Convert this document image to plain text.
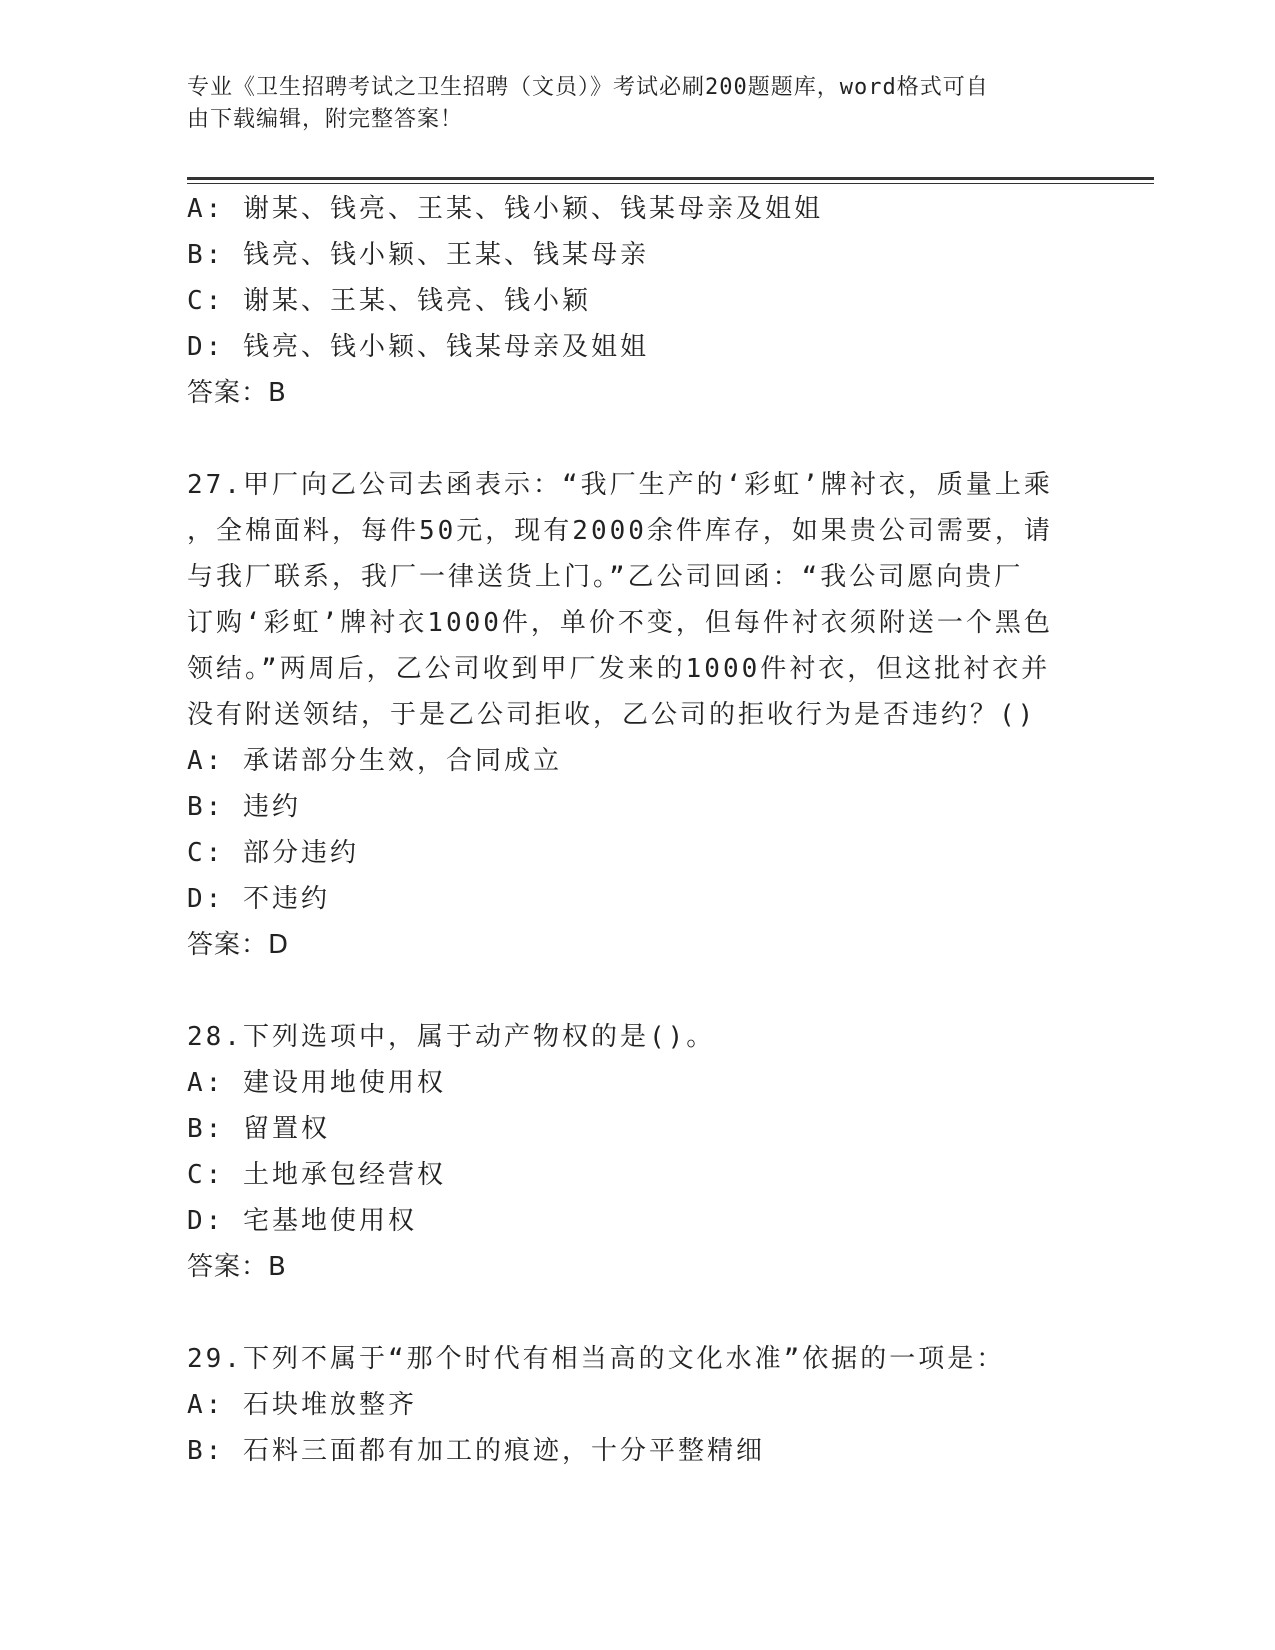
专业《卫生招聘考试之卫生招聘（文员）》考试必刷200题题库，word格式可自
由下载编辑，附完整答案！
A: 谢某、钱亮、王某、钱小颖、钱某母亲及姐姐
B: 钱亮、钱小颖、王某、钱某母亲
C: 谢某、王某、钱亮、钱小颖
D: 钱亮、钱小颖、钱某母亲及姐姐
答案：B
27.甲厂向乙公司去函表示：“我厂生产的‘彩虹’牌衬衣，质量上乘
，全棉面料，每件50元，现有2000余件库存，如果贵公司需要，请
与我厂联系，我厂一律送货上门。”乙公司回函：“我公司愿向贵厂
订购‘彩虹’牌衬衣1000件，单价不变，但每件衬衣须附送一个黑色
领结。”两周后，乙公司收到甲厂发来的1000件衬衣，但这批衬衣并
没有附送领结，于是乙公司拒收，乙公司的拒收行为是否违约？()
A: 承诺部分生效，合同成立
B: 违约
C: 部分违约
D: 不违约
答案：D
28.下列选项中，属于动产物权的是()。
A: 建设用地使用权
B: 留置权
C: 土地承包经营权
D: 宅基地使用权
答案：B
29.下列不属于“那个时代有相当高的文化水准”依据的一项是：
A: 石块堆放整齐
B: 石料三面都有加工的痕迹，十分平整精细
